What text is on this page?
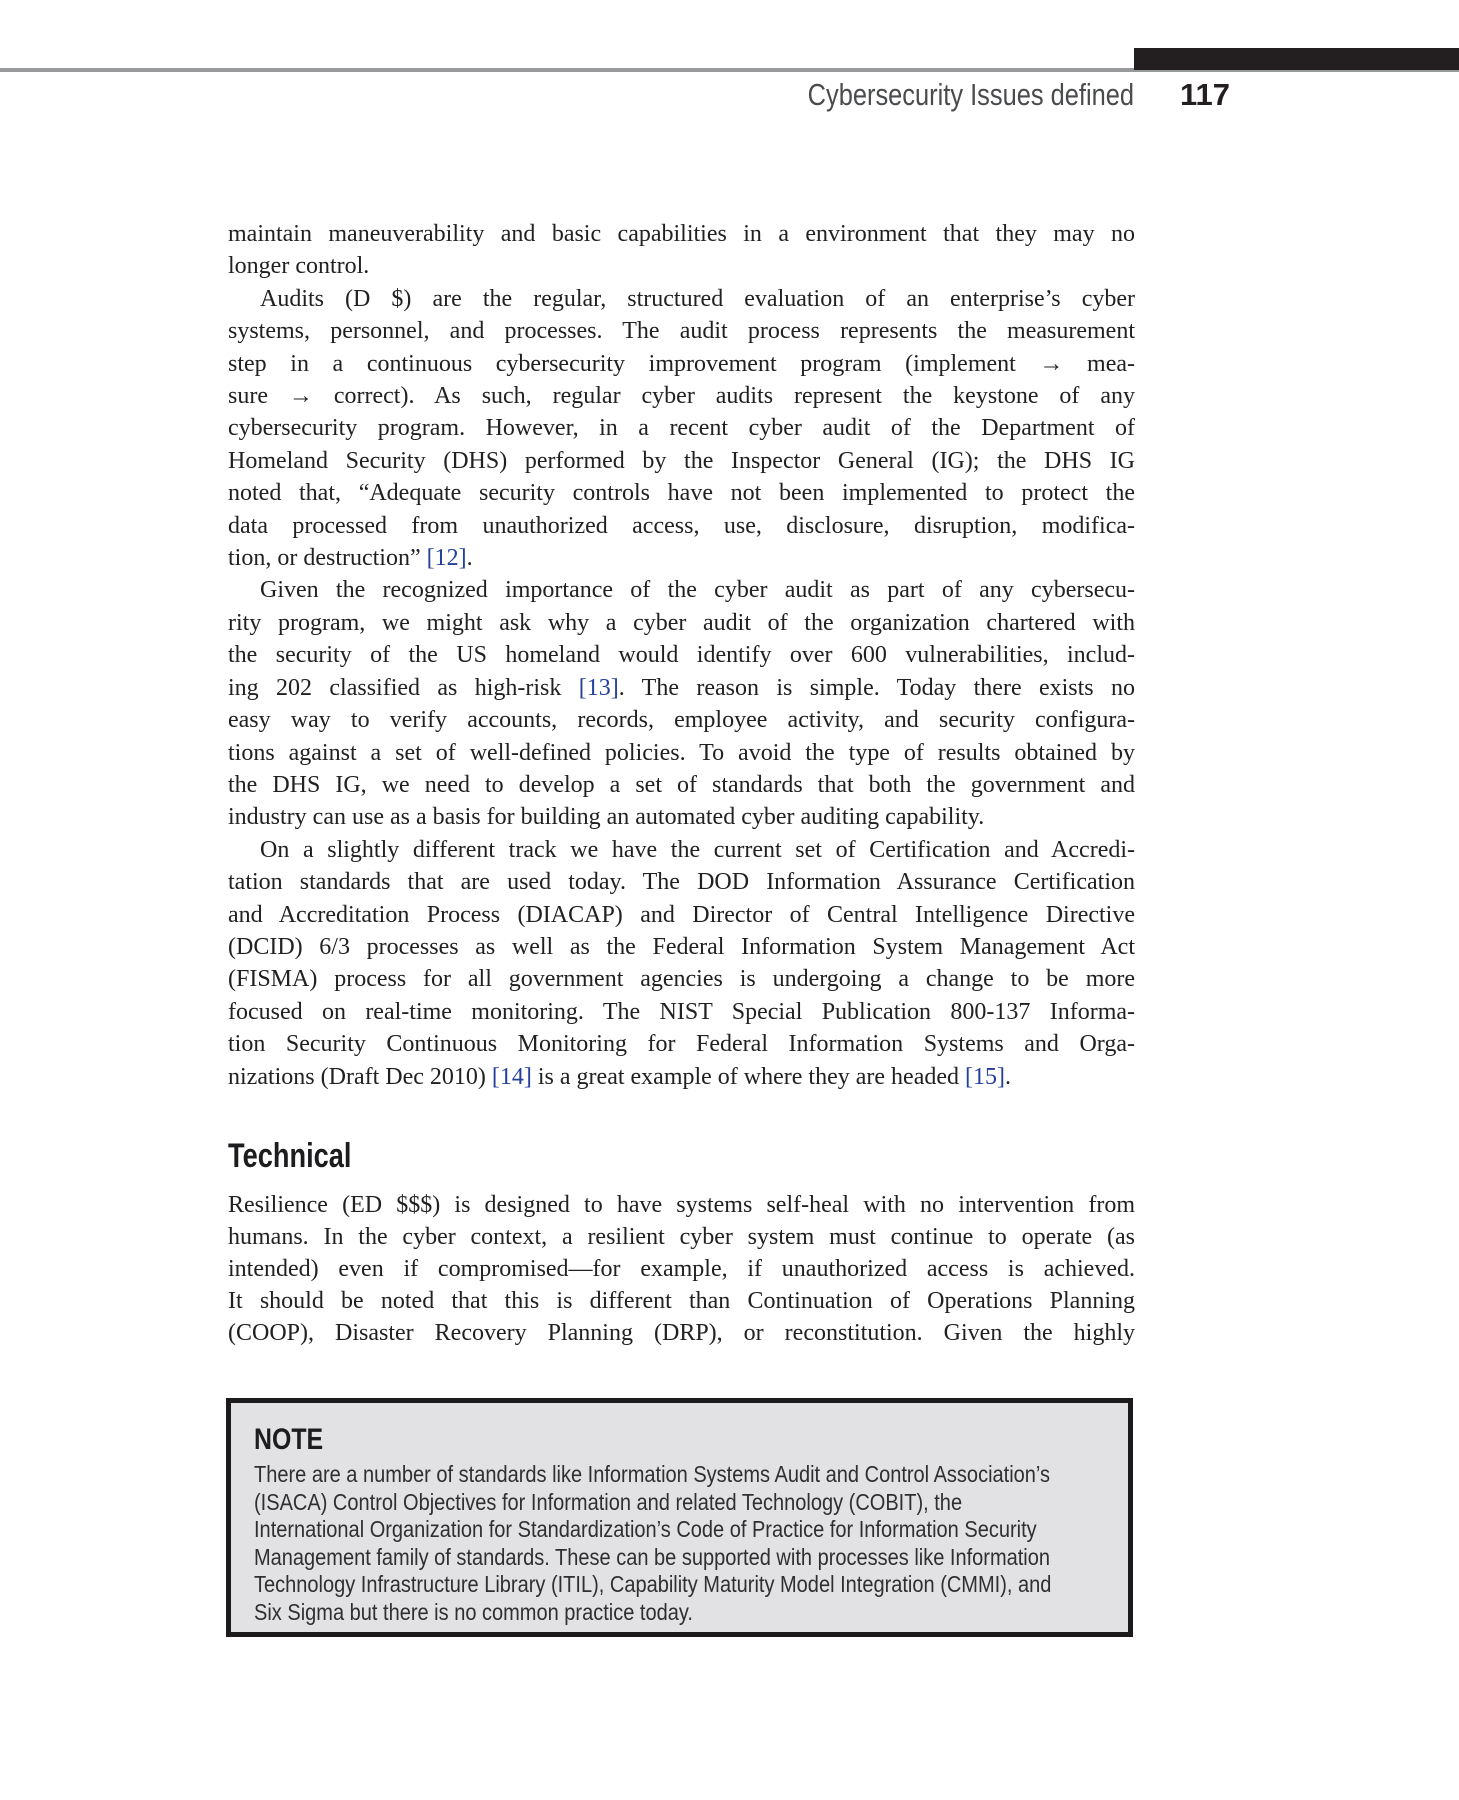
Cybersecurity Issues defined 117
maintain maneuverability and basic capabilities in a environment that they may no
longer control.
Audits (D $) are the regular, structured evaluation of an enterprise’s cyber
systems, personnel, and processes. The audit process represents the measurement
step in a continuous cybersecurity improvement program (implement → mea-
sure → correct). As such, regular cyber audits represent the keystone of any
cybersecurity program. However, in a recent cyber audit of the Department of
Homeland Security (DHS) performed by the Inspector General (IG); the DHS IG
noted that, “Adequate security controls have not been implemented to protect the
data processed from unauthorized access, use, disclosure, disruption, modifica-
tion, or destruction” [12].
Given the recognized importance of the cyber audit as part of any cybersecu-
rity program, we might ask why a cyber audit of the organization chartered with
the security of the US homeland would identify over 600 vulnerabilities, includ-
ing 202 classified as high-risk [13]. The reason is simple. Today there exists no
easy way to verify accounts, records, employee activity, and security configura-
tions against a set of well-defined policies. To avoid the type of results obtained by
the DHS IG, we need to develop a set of standards that both the government and
industry can use as a basis for building an automated cyber auditing capability.
On a slightly different track we have the current set of Certification and Accredi-
tation standards that are used today. The DOD Information Assurance Certification
and Accreditation Process (DIACAP) and Director of Central Intelligence Directive
(DCID) 6/3 processes as well as the Federal Information System Management Act
(FISMA) process for all government agencies is undergoing a change to be more
focused on real-time monitoring. The NIST Special Publication 800-137 Informa-
tion Security Continuous Monitoring for Federal Information Systems and Orga-
nizations (Draft Dec 2010) [14] is a great example of where they are headed [15].
Technical
Resilience (ED $$$) is designed to have systems self-heal with no intervention from
humans. In the cyber context, a resilient cyber system must continue to operate (as
intended) even if compromised—for example, if unauthorized access is achieved.
It should be noted that this is different than Continuation of Operations Planning
(COOP), Disaster Recovery Planning (DRP), or reconstitution. Given the highly
NOTE
There are a number of standards like Information Systems Audit and Control Association’s
(ISACA) Control Objectives for Information and related Technology (COBIT), the
International Organization for Standardization’s Code of Practice for Information Security
Management family of standards. These can be supported with processes like Information
Technology Infrastructure Library (ITIL), Capability Maturity Model Integration (CMMI), and
Six Sigma but there is no common practice today.
